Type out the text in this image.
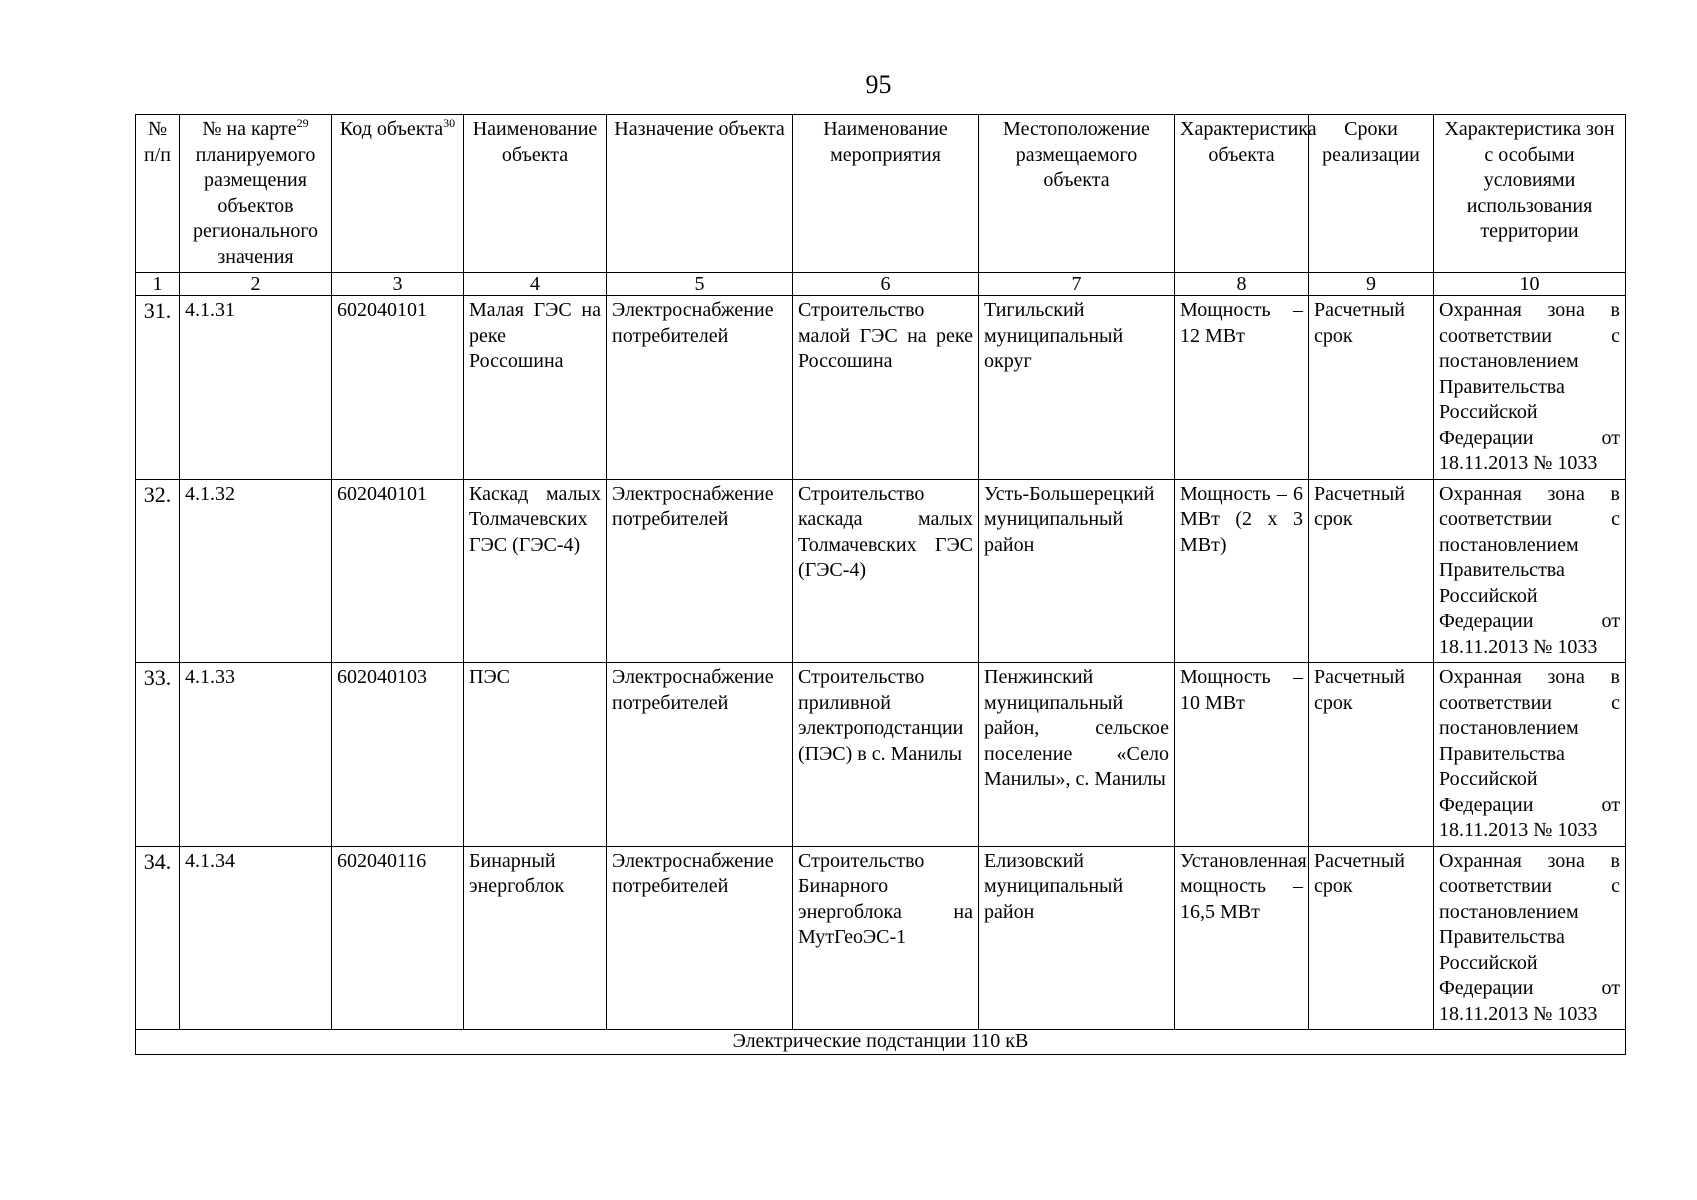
95
№ п/п	№ на карте$^{29}$ планируемого размещения объектов регионального значения	Код объекта$^{30}$	Наименование объекта	Назначение объекта	Наименование мероприятия	Местоположение размещаемого объекта	Характеристика объекта	Сроки реализации	Характеристика зон с особыми условиями использования территории
1	2	3	4	5	6	7	8	9	10
31.	4.1.31	602040101	Малая ГЭС на реке Россошина	Электроснабжение потребителей	Строительство малой ГЭС на реке Россошина	Тигильский муниципальный округ	Мощность – 12 МВт	Расчетный срок	Охранная зона в соответствии с постановлением Правительства Российской Федерации от 18.11.2013 № 1033
32.	4.1.32	602040101	Каскад малых Толмачевских ГЭС (ГЭС-4)	Электроснабжение потребителей	Строительство каскада малых Толмачевских ГЭС (ГЭС-4)	Усть-Большерецкий муниципальный район	Мощность – 6 МВт (2 х 3 МВт)	Расчетный срок	Охранная зона в соответствии с постановлением Правительства Российской Федерации от 18.11.2013 № 1033
33.	4.1.33	602040103	ПЭС	Электроснабжение потребителей	Строительство приливной электроподстанции (ПЭС) в с. Манилы	Пенжинский муниципальный район, сельское поселение «Село Манилы», с. Манилы	Мощность – 10 МВт	Расчетный срок	Охранная зона в соответствии с постановлением Правительства Российской Федерации от 18.11.2013 № 1033
34.	4.1.34	602040116	Бинарный энергоблок	Электроснабжение потребителей	Строительство Бинарного энергоблока на МутГеоЭС-1	Елизовский муниципальный район	Установленная мощность – 16,5 МВт	Расчетный срок	Охранная зона в соответствии с постановлением Правительства Российской Федерации от 18.11.2013 № 1033
Электрические подстанции 110 кВ									
